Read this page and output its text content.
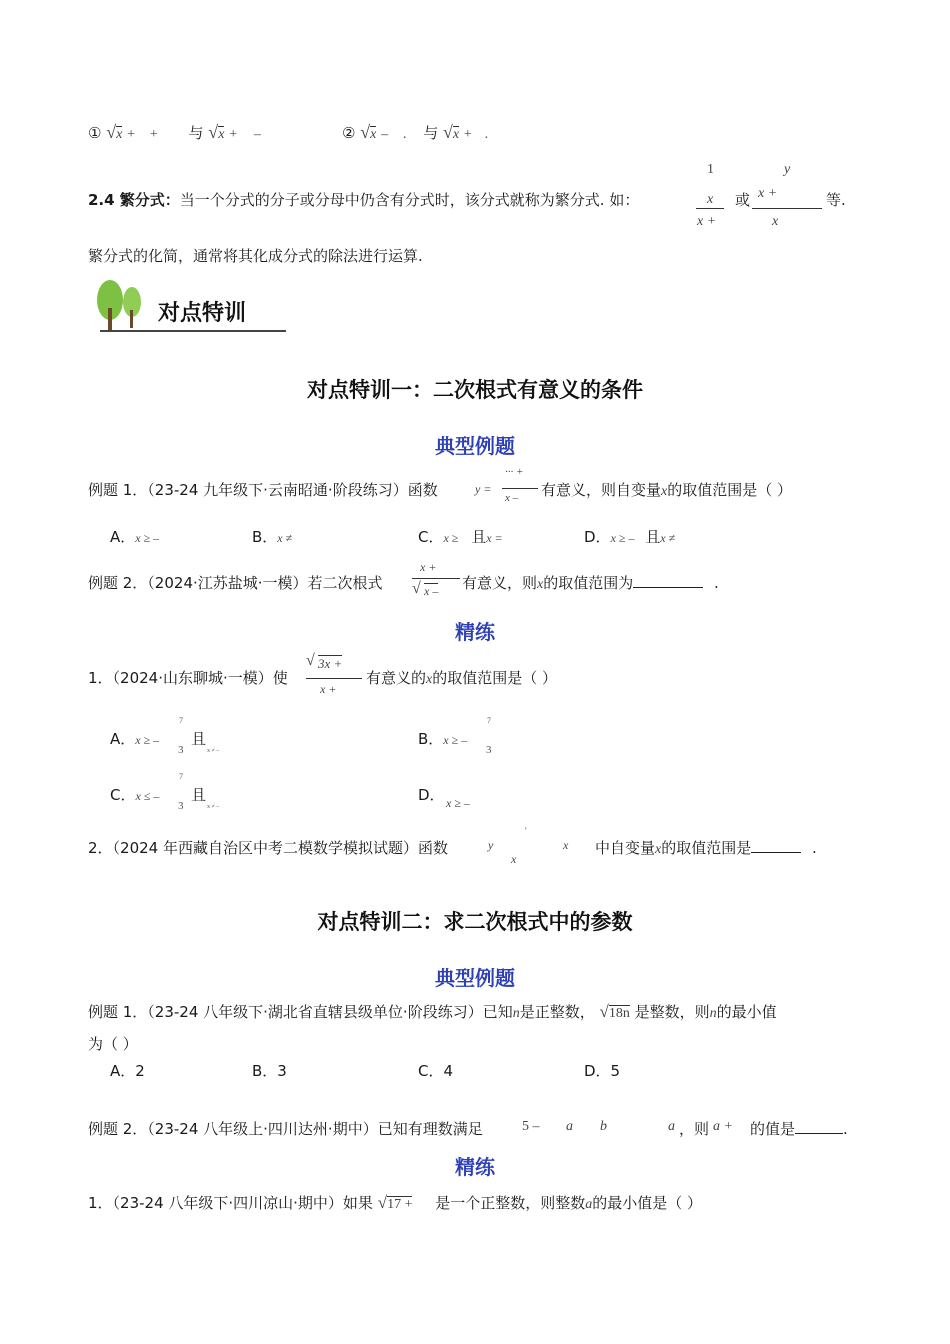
① √x + + 与 √x + –	② √x – . 与 √x + .
2.4 繁分式：当一个分式的分子或分母中仍含有分式时，该分式就称为繁分式. 如：
1
x
x +
或
y
x +
x
等.
繁分式的化简，通常将其化成分式的除法进行运算.
对点特训
对点特训一：二次根式有意义的条件
典型例题
例题 1．（23-24 九年级下·云南昭通·阶段练习）函数	y =
··· +
x – 有意义，则自变量x的取值范围是（ ）
A．x ≥ –	B．x ≠	C．x ≥ 且x =	D．x ≥ – 且x ≠
例题 2．（2024·江苏盐城·一模）若二次根式
x +
√ x – 有意义，则x的取值范围为	.
精练
1．（2024·山东聊城·一模）使
√ 3x +
x +
有意义的x的取值范围是（ ）
A．x ≥ –
7
3
且
x ≠ –
B．x ≥ –
7
3
C．x ≤ –
7
3
且
x ≠ –
D． x ≥ –
2．（2024 年西藏自治区中考二模数学模拟试题）函数	y
'
x
x 中自变量x的取值范围是	.
对点特训二：求二次根式中的参数
典型例题
例题 1．（23-24 八年级下·湖北省直辖县级单位·阶段练习）已知n是正整数， √18n 是整数，则n的最小值
为（ ）
A．2	B．3	C．4	D．5
例题 2．（23-24 八年级上·四川达州·期中）已知有理数满足	5 – a b	a ，则 a + 的值是	.
精练
1．（23-24 八年级下·四川凉山·期中）如果 √17 + 是一个正整数，则整数a的最小值是（ ）
